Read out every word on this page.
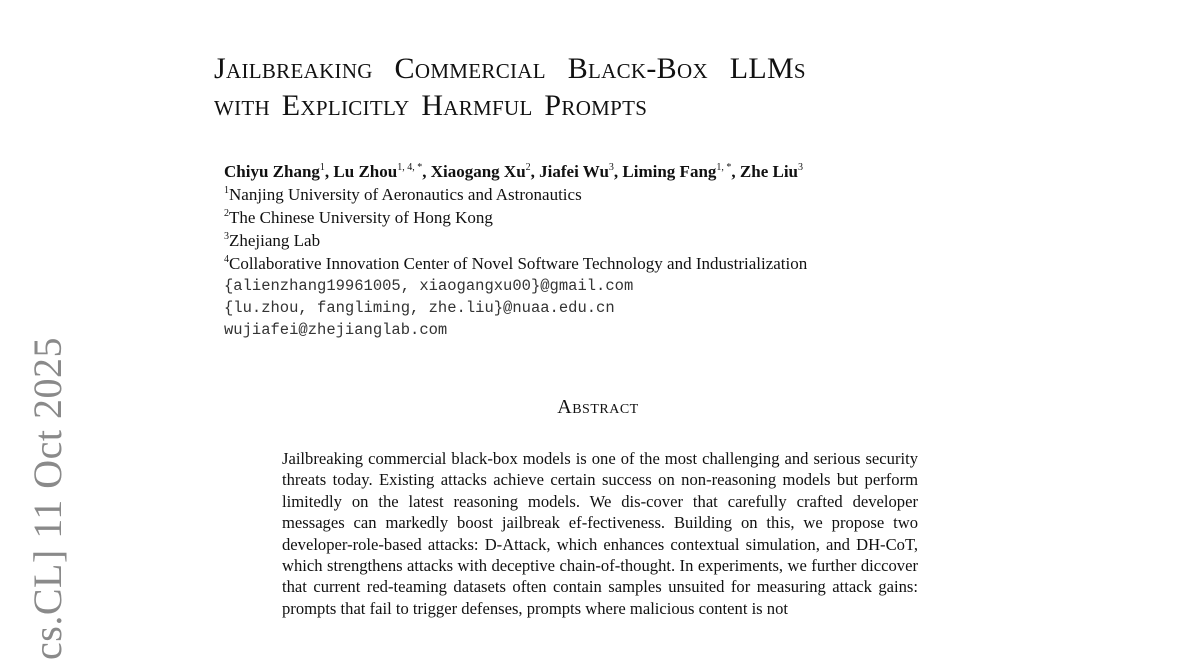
cs.CL] 11 Oct 2025
Jailbreaking Commercial Black-Box LLMs
with Explicitly Harmful Prompts
Chiyu Zhang$^1$, Lu Zhou$^{1, 4, *}$, Xiaogang Xu$^2$, Jiafei Wu$^3$, Liming Fang$^{1, *}$, Zhe Liu$^3$
$^1$Nanjing University of Aeronautics and Astronautics
$^2$The Chinese University of Hong Kong
$^3$Zhejiang Lab
$^4$Collaborative Innovation Center of Novel Software Technology and Industrialization
{alienzhang19961005, xiaogangxu00}@gmail.com
{lu.zhou, fangliming, zhe.liu}@nuaa.edu.cn
wujiafei@zhejianglab.com
Abstract

Jailbreaking commercial black-box models is one of the most challenging and serious security threats today. Existing attacks achieve certain success on non-reasoning models but perform limitedly on the latest reasoning models. We dis-cover that carefully crafted developer messages can markedly boost jailbreak ef-fectiveness. Building on this, we propose two developer-role-based attacks: D-Attack, which enhances contextual simulation, and DH-CoT, which strengthens attacks with deceptive chain-of-thought. In experiments, we further diccover that current red-teaming datasets often contain samples unsuited for measuring attack gains: prompts that fail to trigger defenses, prompts where malicious content is not
